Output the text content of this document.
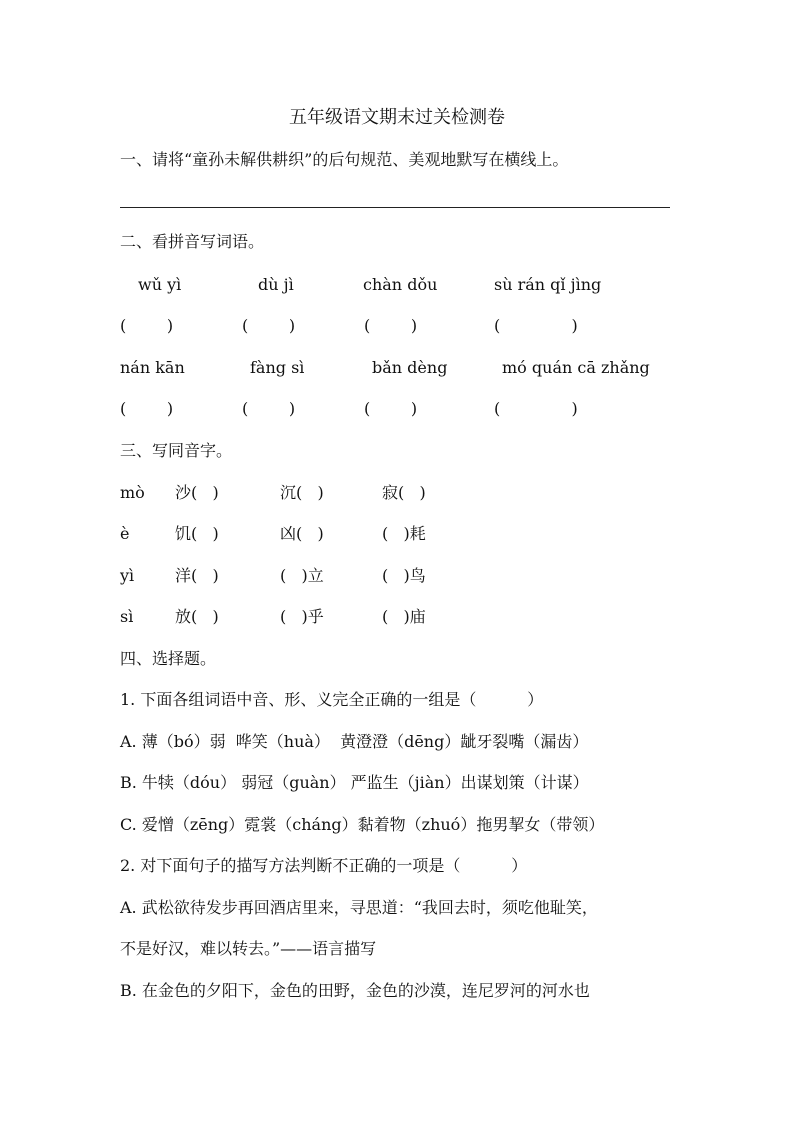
五年级语文期末过关检测卷
一、请将“童孙未解供耕织”的后句规范、美观地默写在横线上。
二、看拼音写词语。
wǔ yì	dù jì	chàn dǒu	sù rán qǐ jìng
(        )	(        )	(        )	(              )
nán kān	fàng sì	bǎn dèng	mó quán cā zhǎng
(        )	(        )	(        )	(              )
三、写同音字。
mò 沙(   )	沉(   )	寂(   )
è	饥(   )	凶(   )	(   )耗
yì	洋(   )	(   )立	(   )鸟
sì	放(   )	(   )乎	(   )庙
四、选择题。
1. 下面各组词语中音、形、义完全正确的一组是（          ）
A. 薄（bó）弱  哗笑（huà）  黄澄澄（dēng）龇牙裂嘴（漏齿）
B. 牛犊（dóu） 弱冠（guàn） 严监生（jiàn）出谋划策（计谋）
C. 爱憎（zēng）霓裳（cháng）黏着物（zhuó）拖男挈女（带领）
2. 对下面句子的描写方法判断不正确的一项是（          ）
A. 武松欲待发步再回酒店里来，寻思道：“我回去时，须吃他耻笑，
不是好汉，难以转去。”——语言描写
B. 在金色的夕阳下，金色的田野，金色的沙漠，连尼罗河的河水也
